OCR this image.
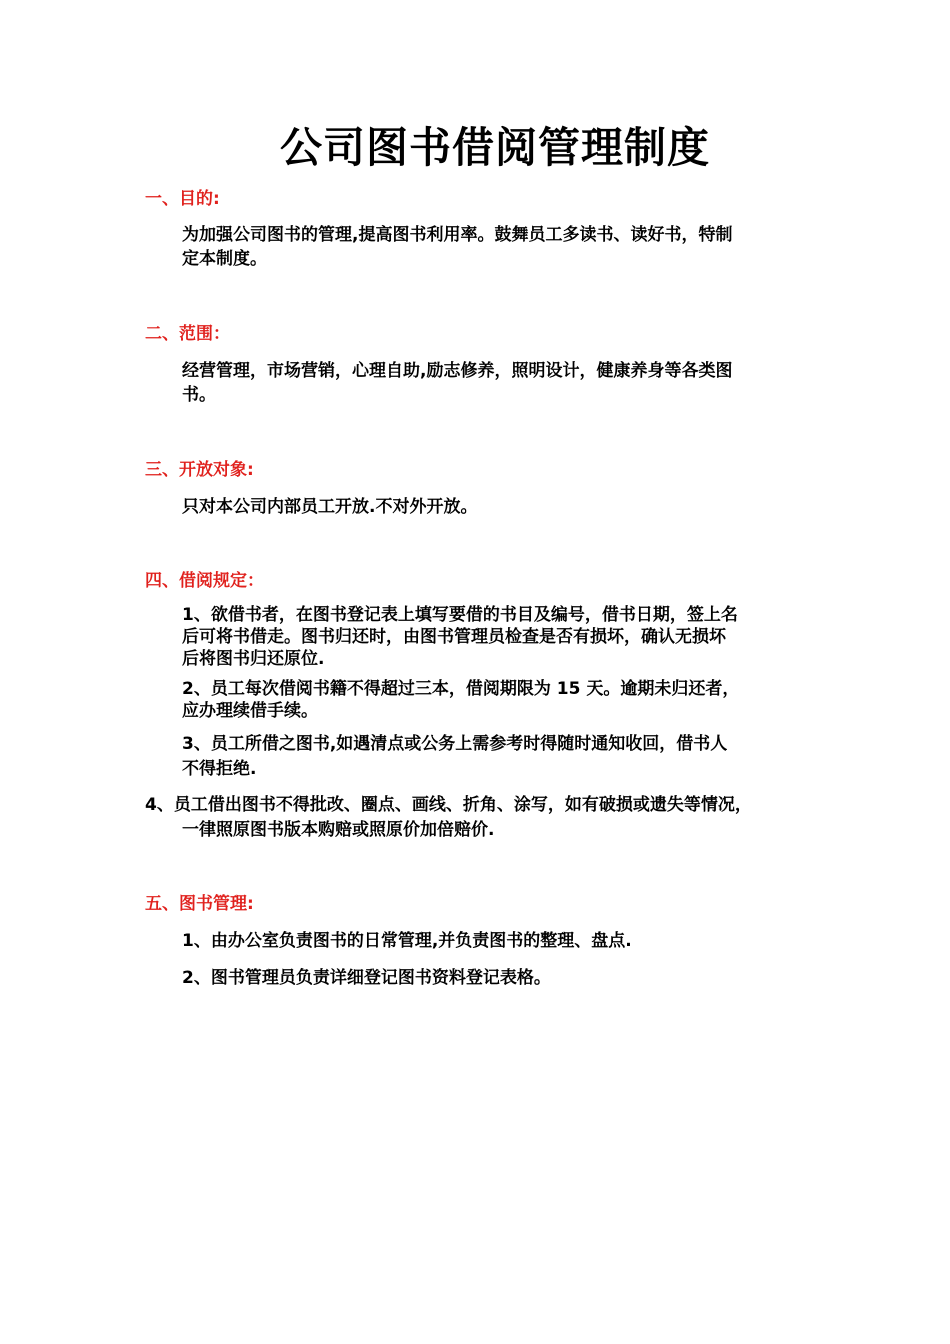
公司图书借阅管理制度
一、目的:
为加强公司图书的管理,提高图书利用率。鼓舞员工多读书、读好书，特制
定本制度。
二、范围：
经营管理，市场营销，心理自助,励志修养，照明设计，健康养身等各类图
书。
三、开放对象:
只对本公司内部员工开放.不对外开放。
四、借阅规定：
1、欲借书者，在图书登记表上填写要借的书目及编号，借书日期，签上名
后可将书借走。图书归还时，由图书管理员检查是否有损坏，确认无损坏
后将图书归还原位.
2、员工每次借阅书籍不得超过三本，借阅期限为 15 天。逾期未归还者，
应办理续借手续。
3、员工所借之图书,如遇清点或公务上需参考时得随时通知收回，借书人
不得拒绝.
4、员工借出图书不得批改、圈点、画线、折角、涂写，如有破损或遗失等情况，
一律照原图书版本购赔或照原价加倍赔价.
五、图书管理:
1、由办公室负责图书的日常管理,并负责图书的整理、盘点.
2、图书管理员负责详细登记图书资料登记表格。
